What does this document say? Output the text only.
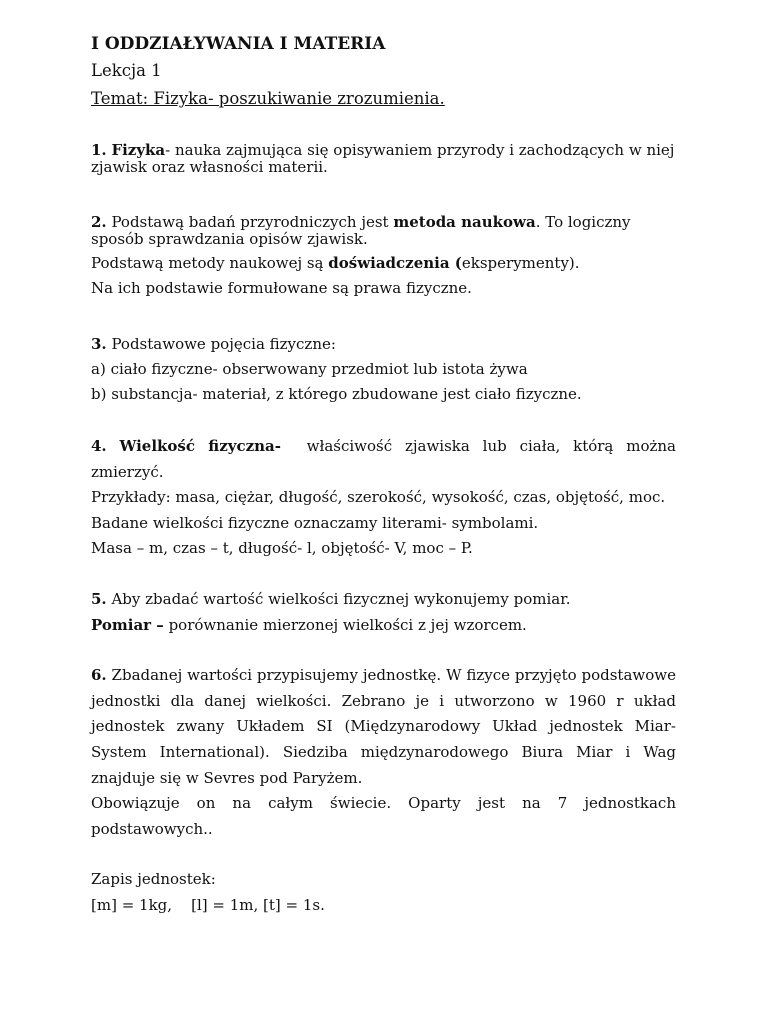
I ODDZIAŁYWANIA I MATERIA

Lekcja 1

Temat: Fizyka- poszukiwanie zrozumienia.

1. Fizyka- nauka zajmująca się opisywaniem przyrody i zachodzących w niej zjawisk oraz własności materii.

2. Podstawą badań przyrodniczych jest metoda naukowa. To logiczny sposób sprawdzania opisów zjawisk.

Podstawą metody naukowej są doświadczenia (eksperymenty).

Na ich podstawie formułowane są prawa fizyczne.

3. Podstawowe pojęcia fizyczne:

a) ciało fizyczne- obserwowany przedmiot lub istota żywa

b) substancja- materiał, z którego zbudowane jest ciało fizyczne.

4. Wielkość fizyczna- właściwość zjawiska lub ciała, którą można zmierzyć.

Przykłady: masa, ciężar, długość, szerokość, wysokość, czas, objętość, moc.

Badane wielkości fizyczne oznaczamy literami- symbolami.

Masa – m, czas – t, długość- l, objętość- V, moc – P.

5. Aby zbadać wartość wielkości fizycznej wykonujemy pomiar.

Pomiar – porównanie mierzonej wielkości z jej wzorcem.

6. Zbadanej wartości przypisujemy jednostkę. W fizyce przyjęto podstawowe jednostki dla danej wielkości. Zebrano je i utworzono w 1960 r układ jednostek zwany Układem SI (Międzynarodowy Układ jednostek Miar- System International). Siedziba międzynarodowego Biura Miar i Wag znajduje się w Sevres pod Paryżem.

Obowiązuje on na całym świecie. Oparty jest na 7 jednostkach podstawowych..

Zapis jednostek:

[m] = 1kg,    [l] = 1m, [t] = 1s.
